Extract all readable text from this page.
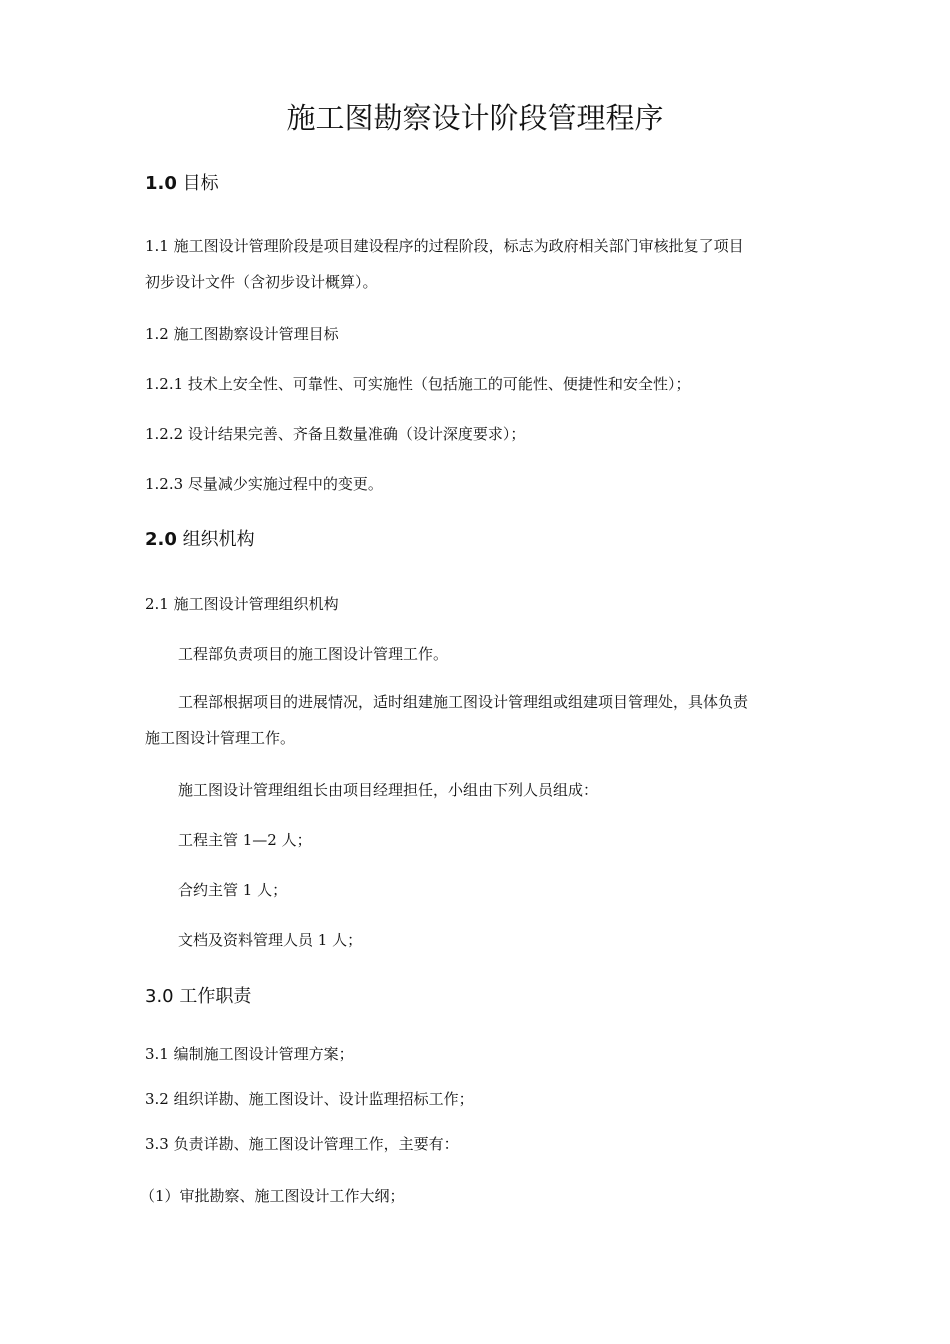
施工图勘察设计阶段管理程序
1.0 目标
1.1 施工图设计管理阶段是项目建设程序的过程阶段，标志为政府相关部门审核批复了项目
初步设计文件（含初步设计概算）。
1.2 施工图勘察设计管理目标
1.2.1 技术上安全性、可靠性、可实施性（包括施工的可能性、便捷性和安全性）；
1.2.2 设计结果完善、齐备且数量准确（设计深度要求）；
1.2.3 尽量减少实施过程中的变更。
2.0 组织机构
2.1 施工图设计管理组织机构
工程部负责项目的施工图设计管理工作。
工程部根据项目的进展情况，适时组建施工图设计管理组或组建项目管理处，具体负责
施工图设计管理工作。
施工图设计管理组组长由项目经理担任，小组由下列人员组成：
工程主管 1—2 人；
合约主管 1 人；
文档及资料管理人员 1 人；
3.0 工作职责
3.1 编制施工图设计管理方案；
3.2 组织详勘、施工图设计、设计监理招标工作；
3.3 负责详勘、施工图设计管理工作，主要有：
（1）审批勘察、施工图设计工作大纲；
